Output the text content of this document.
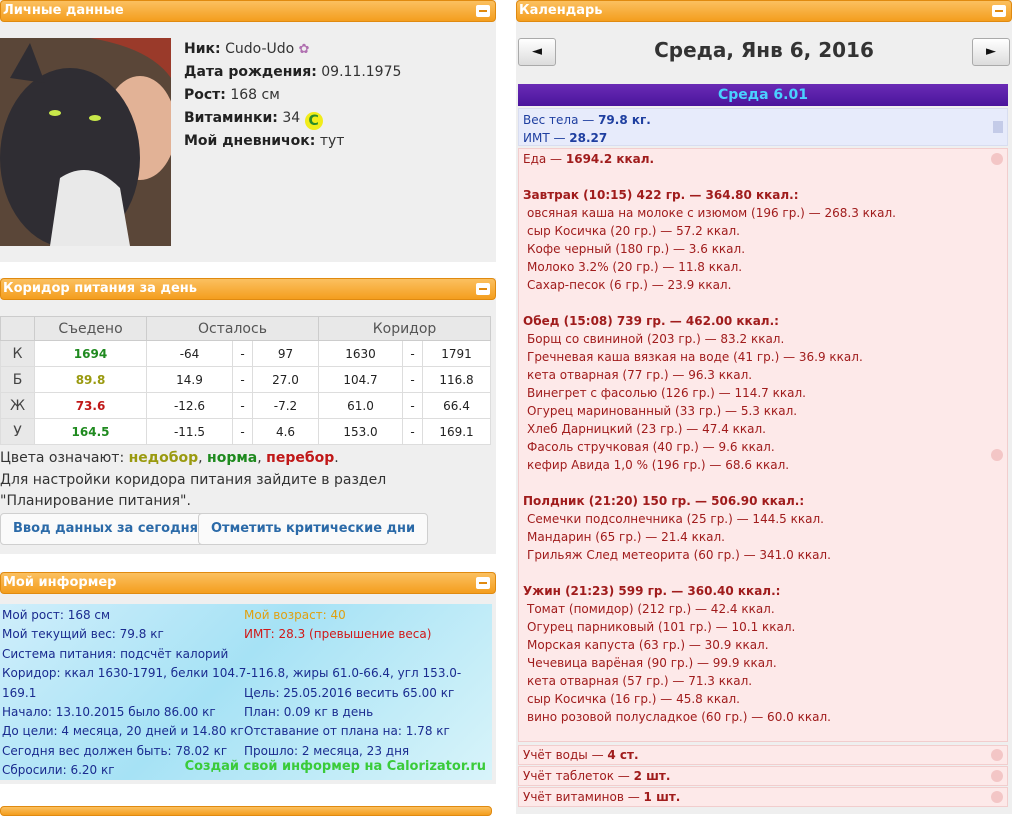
Личные данные
Ник: Cudo-Udo ✿
Дата рождения: 09.11.1975
Рост: 168 см
Витаминки: 34 C
Мой дневничок: тут
Коридор питания за день
	Съедено	Осталось			Коридор		
К	1694	-64	-	97	1630	-	1791
Б	89.8	14.9	-	27.0	104.7	-	116.8
Ж	73.6	-12.6	-	-7.2	61.0	-	66.4
У	164.5	-11.5	-	4.6	153.0	-	169.1
Цвета означают: недобор, норма, перебор.
Для настройки коридора питания зайдите в раздел "Планирование питания".
Ввод данных за сегодня	Отметить критические дни
Мой информер
Мой рост: 168 см
Мой текущий вес: 79.8 кг
Система питания: подсчёт калорий
Коридор: ккал 1630-1791, белки 104.7-116.8, жиры 61.0-66.4, угл 153.0-169.1
Начало: 13.10.2015 было 86.00 кг
До цели: 4 месяца, 20 дней и 14.80 кг
Сегодня вес должен быть: 78.02 кг
Сбросили: 6.20 кг
Мой возраст: 40
ИМТ: 28.3 (превышение веса)
Цель: 25.05.2016 весить 65.00 кг
План: 0.09 кг в день
Отставание от плана на: 1.78 кг
Прошло: 2 месяца, 23 дня
Создай свой информер на Calorizator.ru
Календарь
Среда, Янв 6, 2016
◄	►
Среда 6.01
Вес тела — 79.8 кг.
ИМТ — 28.27
Еда — 1694.2 ккал.
Завтрак (10:15) 422 гр. — 364.80 ккал.:
овсяная каша на молоке с изюмом (196 гр.) — 268.3 ккал.
сыр Косичка (20 гр.) — 57.2 ккал.
Кофе черный (180 гр.) — 3.6 ккал.
Молоко 3.2% (20 гр.) — 11.8 ккал.
Сахар-песок (6 гр.) — 23.9 ккал.
Обед (15:08) 739 гр. — 462.00 ккал.:
Борщ со свининой (203 гр.) — 83.2 ккал.
Гречневая каша вязкая на воде (41 гр.) — 36.9 ккал.
кета отварная (77 гр.) — 96.3 ккал.
Винегрет с фасолью (126 гр.) — 114.7 ккал.
Огурец маринованный (33 гр.) — 5.3 ккал.
Хлеб Дарницкий (23 гр.) — 47.4 ккал.
Фасоль стручковая (40 гр.) — 9.6 ккал.
кефир Авида 1,0 % (196 гр.) — 68.6 ккал.
Полдник (21:20) 150 гр. — 506.90 ккал.:
Семечки подсолнечника (25 гр.) — 144.5 ккал.
Мандарин (65 гр.) — 21.4 ккал.
Грильяж След метеорита (60 гр.) — 341.0 ккал.
Ужин (21:23) 599 гр. — 360.40 ккал.:
Томат (помидор) (212 гр.) — 42.4 ккал.
Огурец парниковый (101 гр.) — 10.1 ккал.
Морская капуста (63 гр.) — 30.9 ккал.
Чечевица варёная (90 гр.) — 99.9 ккал.
кета отварная (57 гр.) — 71.3 ккал.
сыр Косичка (16 гр.) — 45.8 ккал.
вино розовой полусладкое (60 гр.) — 60.0 ккал.
Учёт воды — 4 ст.
Учёт таблеток — 2 шт.
Учёт витаминов — 1 шт.
